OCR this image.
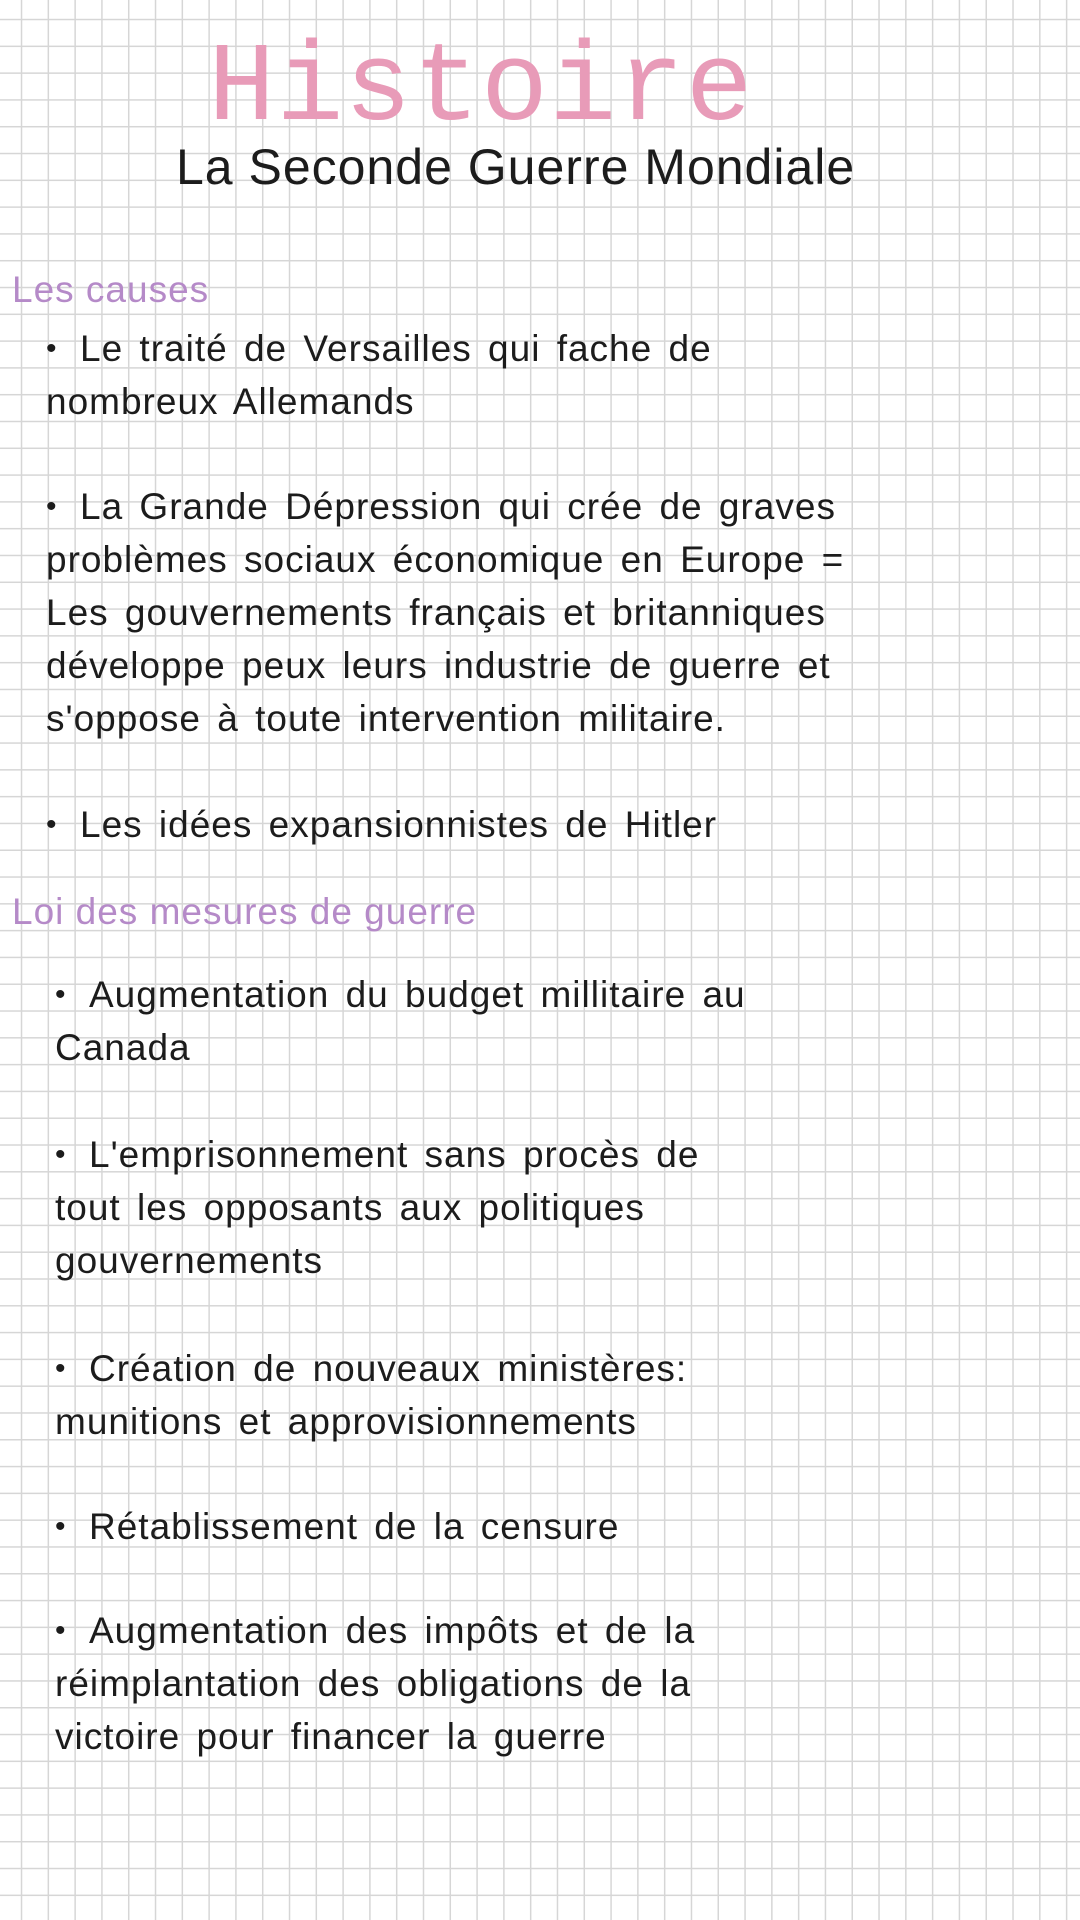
Histoire
La Seconde Guerre Mondiale
Les causes

• Le traité de Versailles qui fache de nombreux Allemands

• La Grande Dépression qui crée de graves problèmes sociaux économique en Europe = Les gouvernements français et britanniques développe peux leurs industrie de guerre et s'oppose à toute intervention militaire.

• Les idées expansionnistes de Hitler

Loi des mesures de guerre

• Augmentation du budget millitaire au Canada

• L'emprisonnement sans procès de tout les opposants aux politiques gouvernements

• Création de nouveaux ministères: munitions et approvisionnements

• Rétablissement de la censure

• Augmentation des impôts et de la réimplantation des obligations de la victoire pour financer la guerre
